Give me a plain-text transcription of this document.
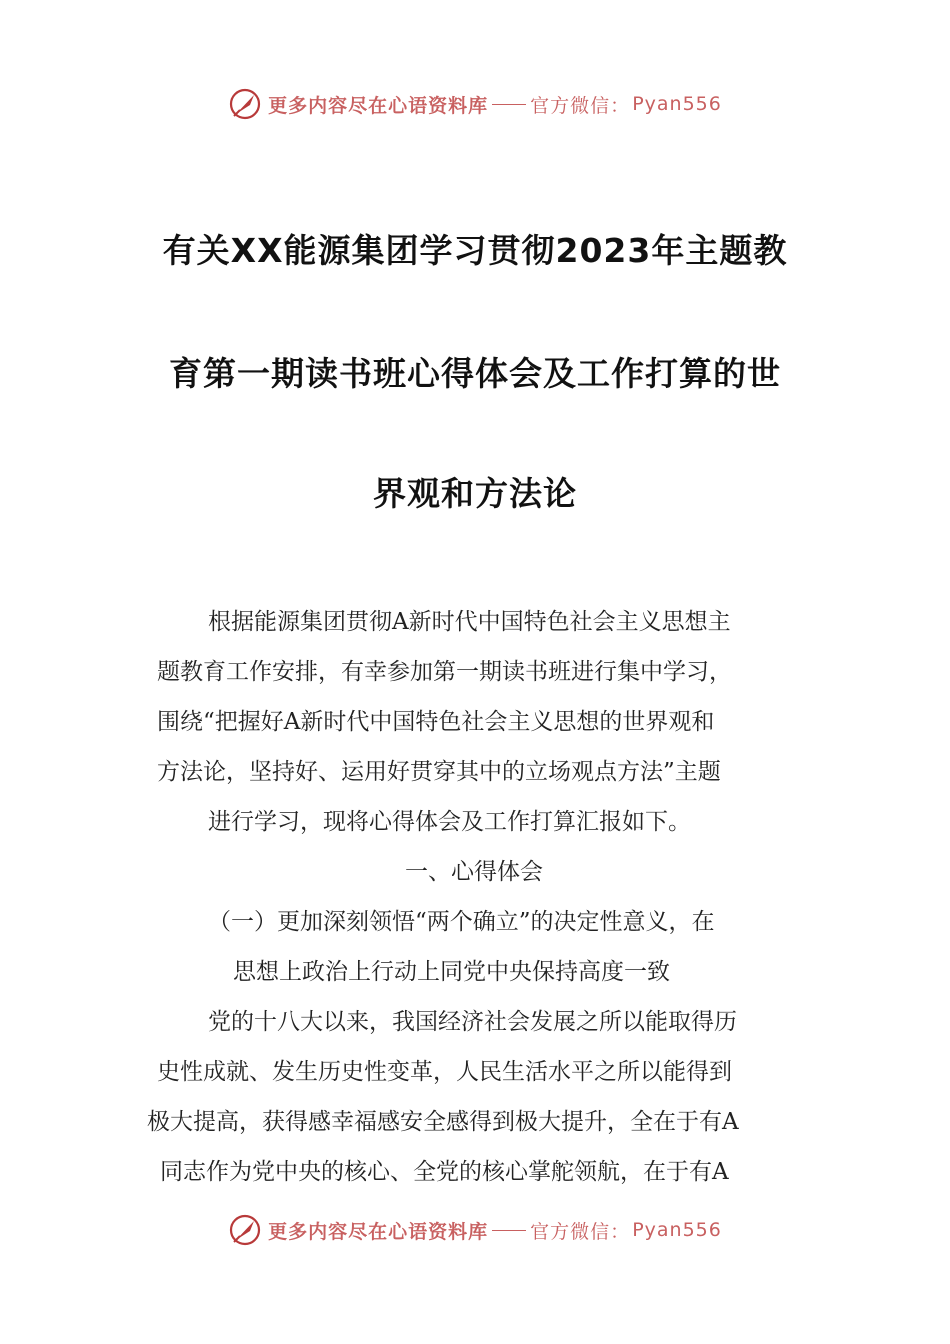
更多内容尽在心语资料库 官方微信： Pyan556
有关XX能源集团学习贯彻2023年主题教
育第一期读书班心得体会及工作打算的世
界观和方法论
根据能源集团贯彻A新时代中国特色社会主义思想主
题教育工作安排，有幸参加第一期读书班进行集中学习，
围绕“把握好A新时代中国特色社会主义思想的世界观和
方法论，坚持好、运用好贯穿其中的立场观点方法”主题
进行学习，现将心得体会及工作打算汇报如下。
一、心得体会
（一）更加深刻领悟“两个确立”的决定性意义，在
思想上政治上行动上同党中央保持高度一致
党的十八大以来，我国经济社会发展之所以能取得历
史性成就、发生历史性变革，人民生活水平之所以能得到
极大提高，获得感幸福感安全感得到极大提升，全在于有A
同志作为党中央的核心、全党的核心掌舵领航，在于有A
更多内容尽在心语资料库 官方微信： Pyan556
